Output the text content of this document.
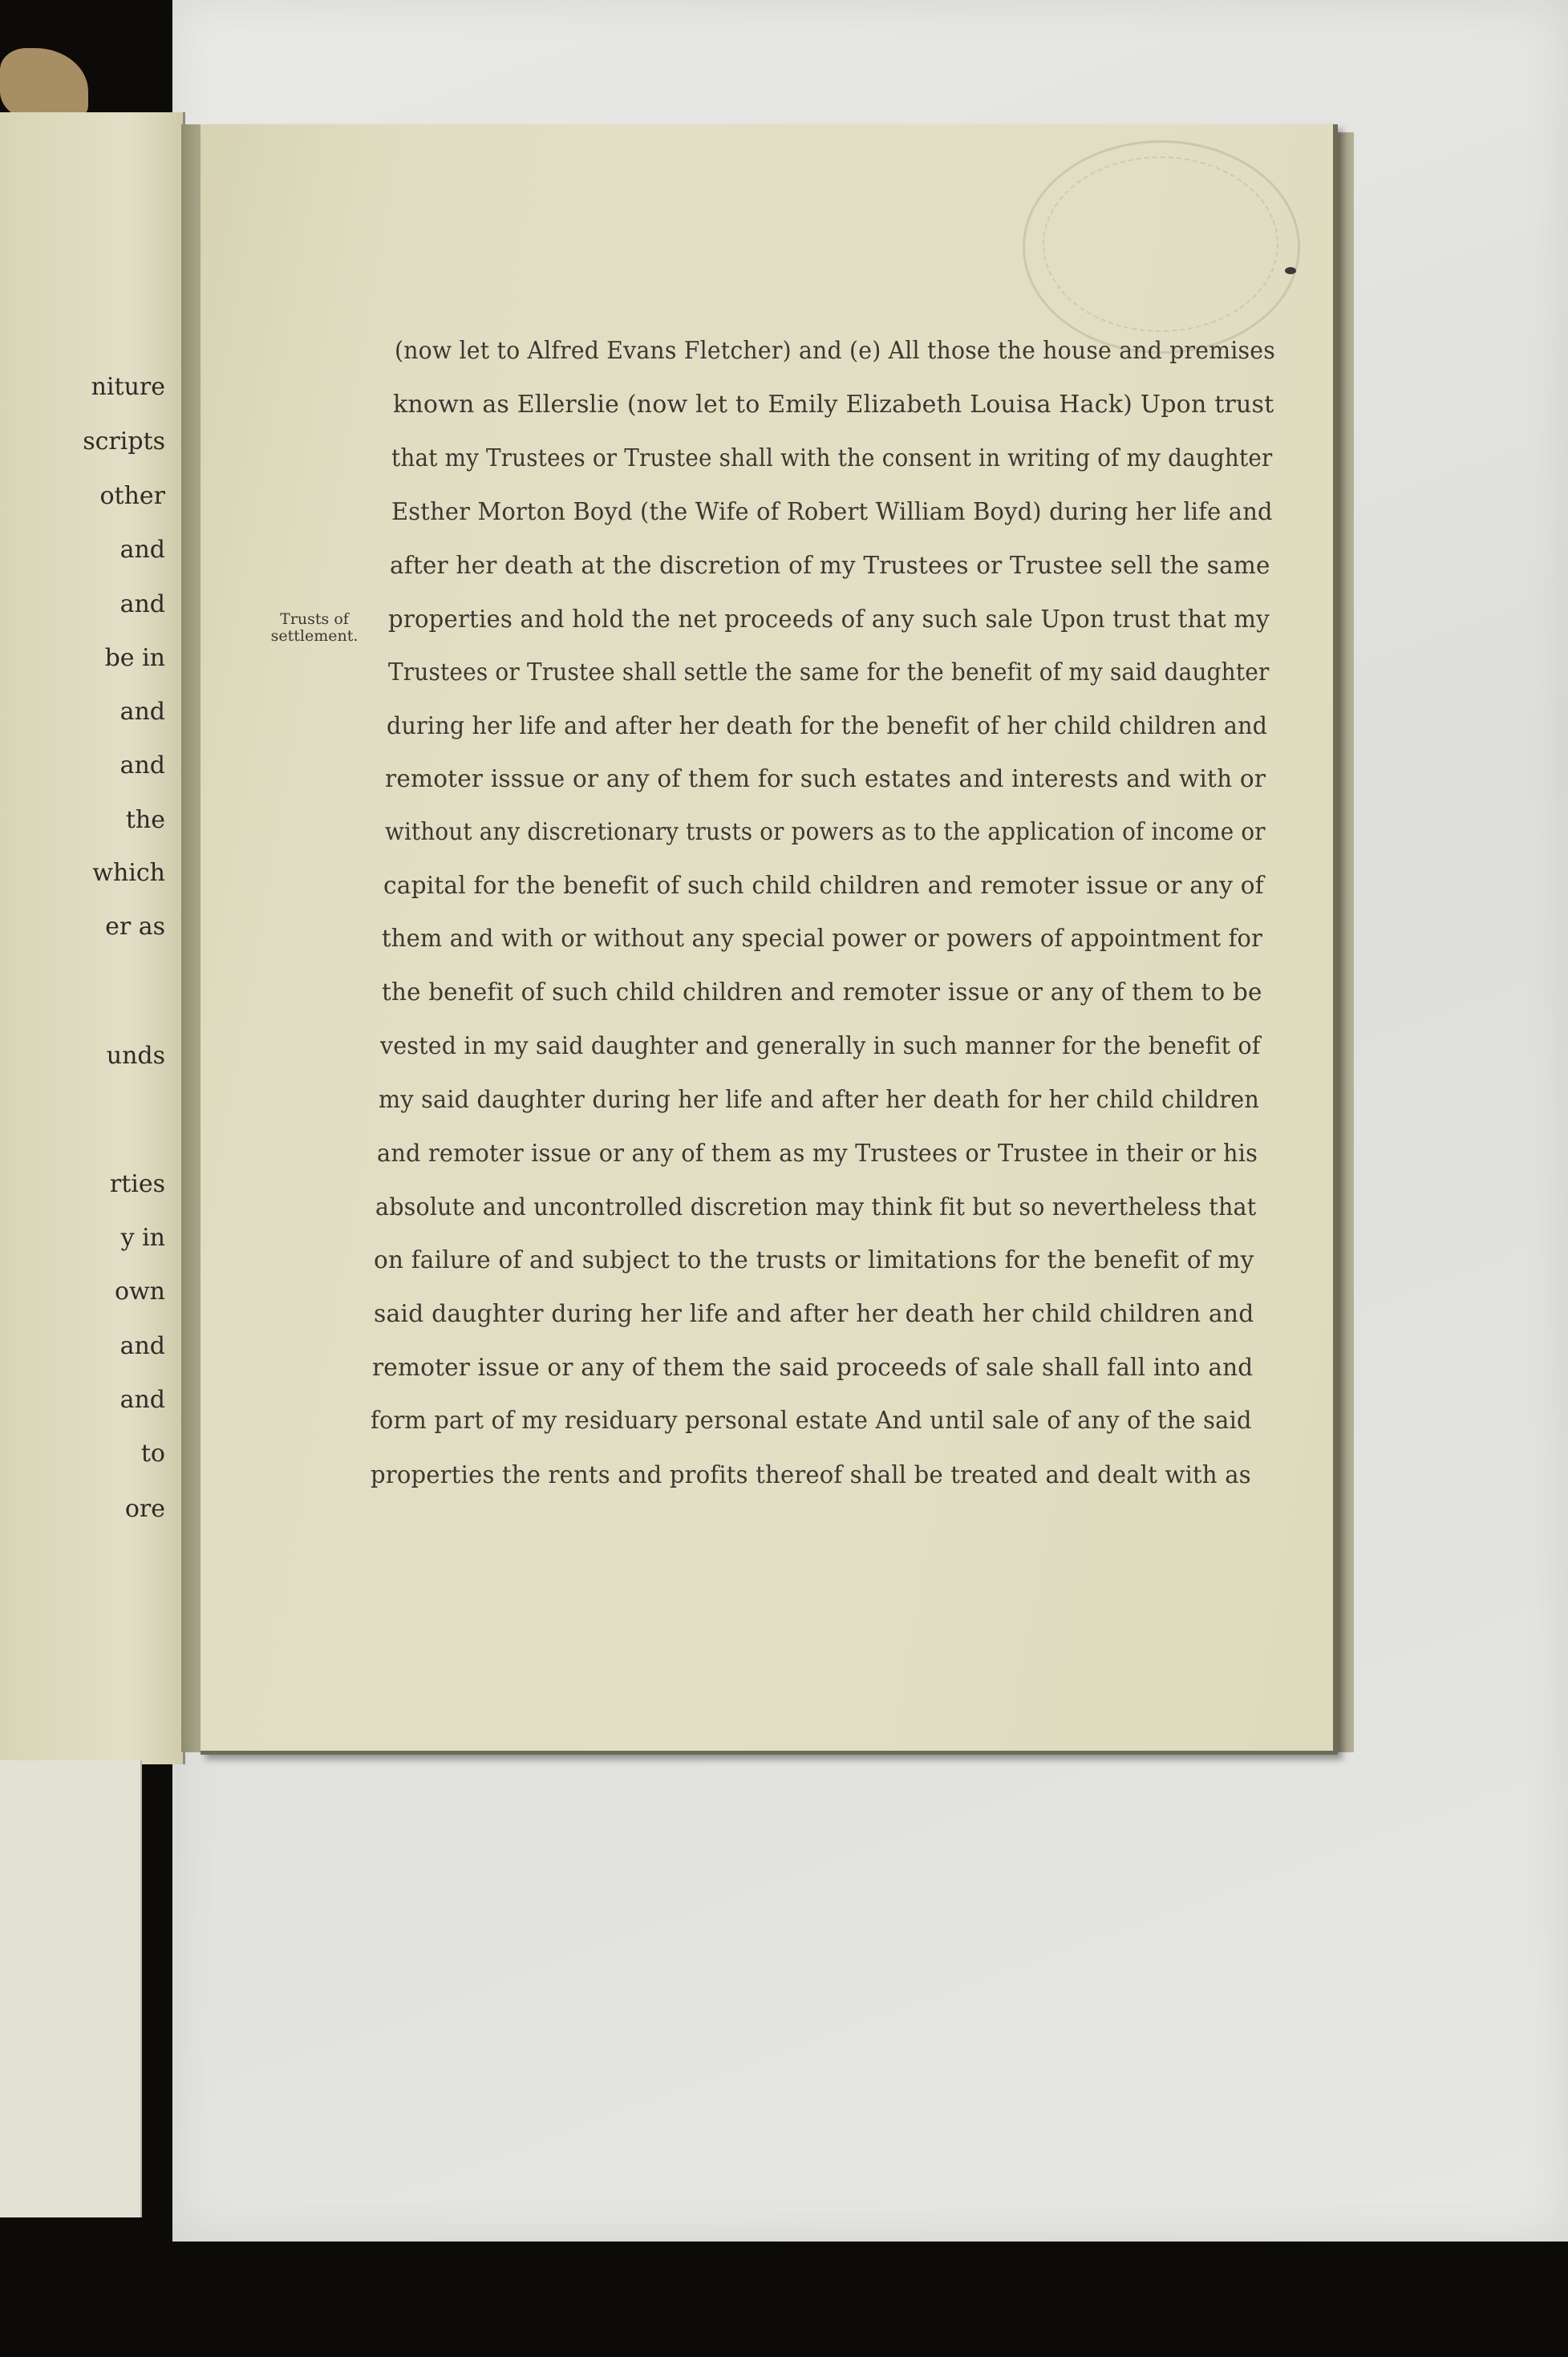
niture

scripts

other

and

and

be in

and

and

the

which

er as

unds

rties

y in

own

and

and

to

ore

Trusts of
settlement.

(now let to Alfred Evans Fletcher) and (e) All those the house and premises

known as Ellerslie (now let to Emily Elizabeth Louisa Hack) Upon trust

that my Trustees or Trustee shall with the consent in writing of my daughter

Esther Morton Boyd (the Wife of Robert William Boyd) during her life and

after her death at the discretion of my Trustees or Trustee sell the same

properties and hold the net proceeds of any such sale Upon trust that my

Trustees or Trustee shall settle the same for the benefit of my said daughter

during her life and after her death for the benefit of her child children and

remoter isssue or any of them for such estates and interests and with or

without any discretionary trusts or powers as to the application of income or

capital for the benefit of such child children and remoter issue or any of

them and with or without any special power or powers of appointment for

the benefit of such child children and remoter issue or any of them to be

vested in my said daughter and generally in such manner for the benefit of

my said daughter during her life and after her death for her child children

and remoter issue or any of them as my Trustees or Trustee in their or his

absolute and uncontrolled discretion may think fit but so nevertheless that

on failure of and subject to the trusts or limitations for the benefit of my

said daughter during her life and after her death her child children and

remoter issue or any of them the said proceeds of sale shall fall into and

form part of my residuary personal estate And until sale of any of the said

properties the rents and profits thereof shall be treated and dealt with as
